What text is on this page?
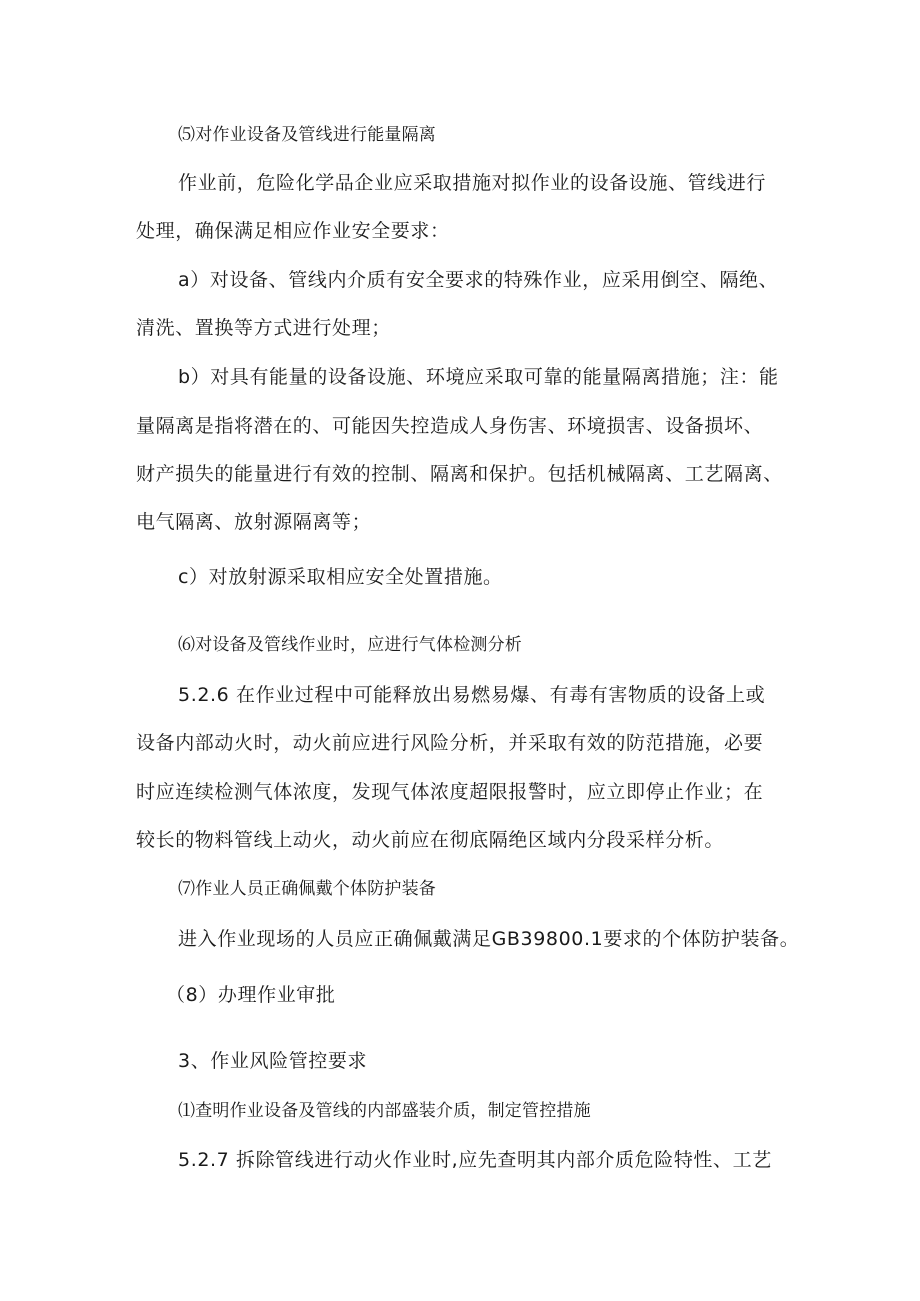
⑸对作业设备及管线进行能量隔离
作业前，危险化学品企业应采取措施对拟作业的设备设施、管线进行
处理，确保满足相应作业安全要求：
a）对设备、管线内介质有安全要求的特殊作业，应采用倒空、隔绝、
清洗、置换等方式进行处理；
b）对具有能量的设备设施、环境应采取可靠的能量隔离措施；注：能
量隔离是指将潜在的、可能因失控造成人身伤害、环境损害、设备损坏、
财产损失的能量进行有效的控制、隔离和保护。包括机械隔离、工艺隔离、
电气隔离、放射源隔离等；
c）对放射源采取相应安全处置措施。
⑹对设备及管线作业时，应进行气体检测分析
5.2.6 在作业过程中可能释放出易燃易爆、有毒有害物质的设备上或
设备内部动火时，动火前应进行风险分析，并采取有效的防范措施，必要
时应连续检测气体浓度，发现气体浓度超限报警时，应立即停止作业；在
较长的物料管线上动火，动火前应在彻底隔绝区域内分段采样分析。
⑺作业人员正确佩戴个体防护装备
进入作业现场的人员应正确佩戴满足GB39800.1要求的个体防护装备。
（8）办理作业审批
3、作业风险管控要求
⑴查明作业设备及管线的内部盛装介质，制定管控措施
5.2.7 拆除管线进行动火作业时,应先查明其内部介质危险特性、工艺
